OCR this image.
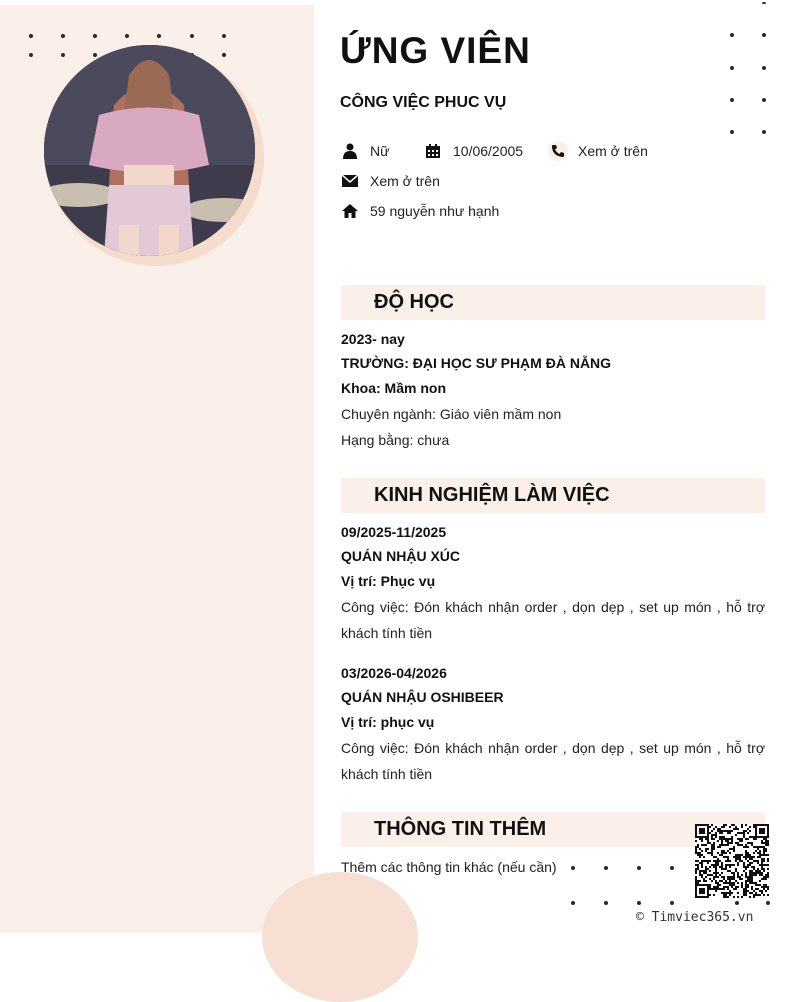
ỨNG VIÊN
CÔNG VIỆC PHUC VỤ
Nữ	10/06/2005	Xem ở trên
Xem ở trên
59 nguyễn như hạnh
ĐỘ HỌC
2023- nay
TRƯỜNG: ĐẠI HỌC SƯ PHẠM ĐÀ NẴNG
Khoa: Mầm non
Chuyên ngành: Giáo viên mầm non
Hạng bằng: chưa
KINH NGHIỆM LÀM VIỆC
09/2025-11/2025
QUÁN NHẬU XÚC
Vị trí: Phục vụ
Công việc: Đón khách nhận order , dọn dẹp , set up món , hỗ trợ khách tính tiền
03/2026-04/2026
QUÁN NHẬU OSHIBEER
Vị trí: phục vụ
Công việc: Đón khách nhận order , dọn dẹp , set up món , hỗ trợ khách tính tiền
THÔNG TIN THÊM
Thêm các thông tin khác (nếu cần)
© Timviec365.vn
